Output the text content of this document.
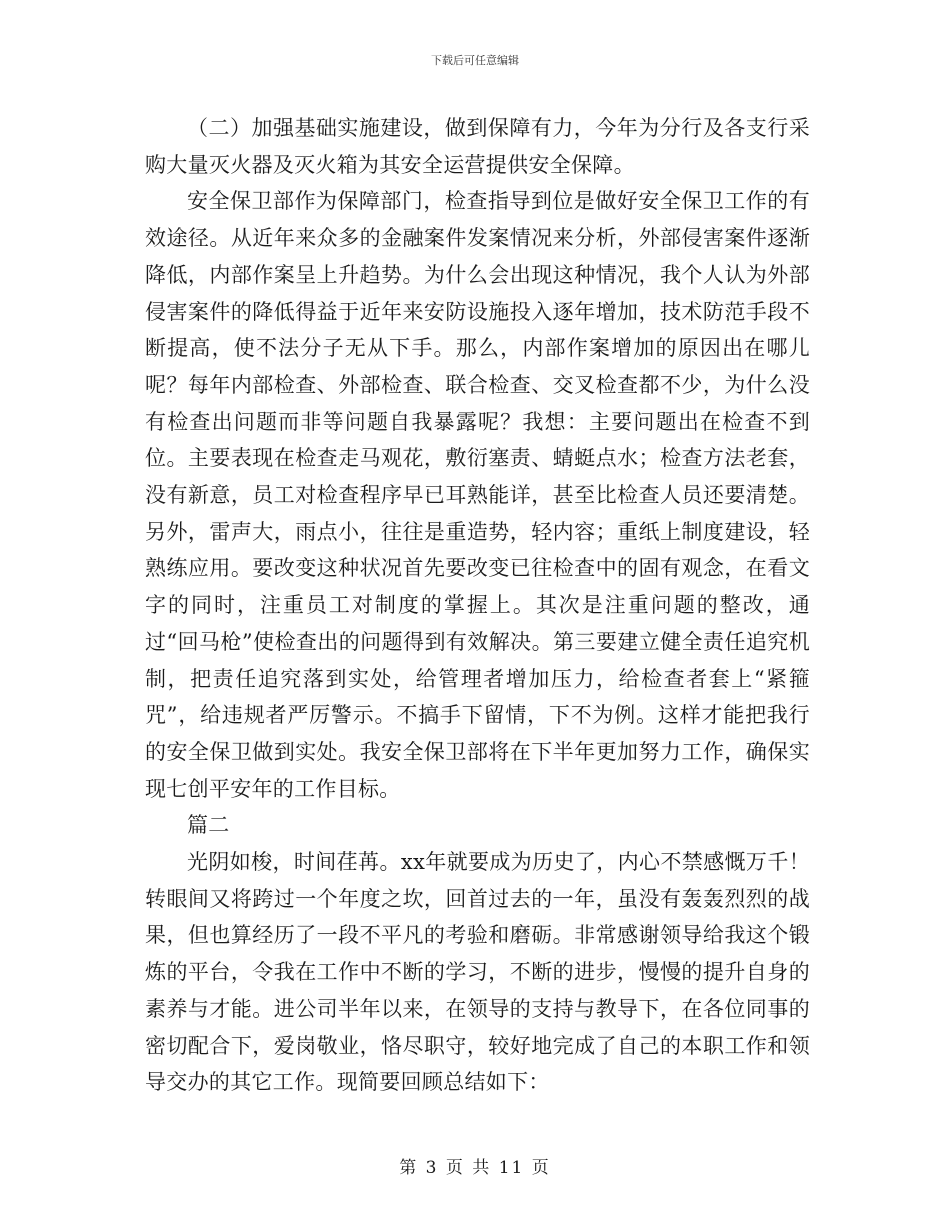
下载后可任意编辑

（二）加强基础实施建设，做到保障有力，今年为分行及各支行采购大量灭火器及灭火箱为其安全运营提供安全保障。

安全保卫部作为保障部门，检查指导到位是做好安全保卫工作的有效途径。从近年来众多的金融案件发案情况来分析，外部侵害案件逐渐降低，内部作案呈上升趋势。为什么会出现这种情况，我个人认为外部侵害案件的降低得益于近年来安防设施投入逐年增加，技术防范手段不断提高，使不法分子无从下手。那么，内部作案增加的原因出在哪儿呢？每年内部检查、外部检查、联合检查、交叉检查都不少，为什么没有检查出问题而非等问题自我暴露呢？我想：主要问题出在检查不到位。主要表现在检查走马观花，敷衍塞责、蜻蜓点水；检查方法老套，没有新意，员工对检查程序早已耳熟能详，甚至比检查人员还要清楚。另外，雷声大，雨点小，往往是重造势，轻内容；重纸上制度建设，轻熟练应用。要改变这种状况首先要改变已往检查中的固有观念，在看文字的同时，注重员工对制度的掌握上。其次是注重问题的整改，通过“回马枪”使检查出的问题得到有效解决。第三要建立健全责任追究机制，把责任追究落到实处，给管理者增加压力，给检查者套上“紧箍咒”，给违规者严厉警示。不搞手下留情，下不为例。这样才能把我行的安全保卫做到实处。我安全保卫部将在下半年更加努力工作，确保实现七创平安年的工作目标。

篇二

光阴如梭，时间荏苒。xx年就要成为历史了，内心不禁感慨万千！转眼间又将跨过一个年度之坎，回首过去的一年，虽没有轰轰烈烈的战果，但也算经历了一段不平凡的考验和磨砺。非常感谢领导给我这个锻炼的平台，令我在工作中不断的学习，不断的进步，慢慢的提升自身的素养与才能。进公司半年以来，在领导的支持与教导下，在各位同事的密切配合下，爱岗敬业，恪尽职守，较好地完成了自己的本职工作和领导交办的其它工作。现简要回顾总结如下：

第 3 页 共 11 页
